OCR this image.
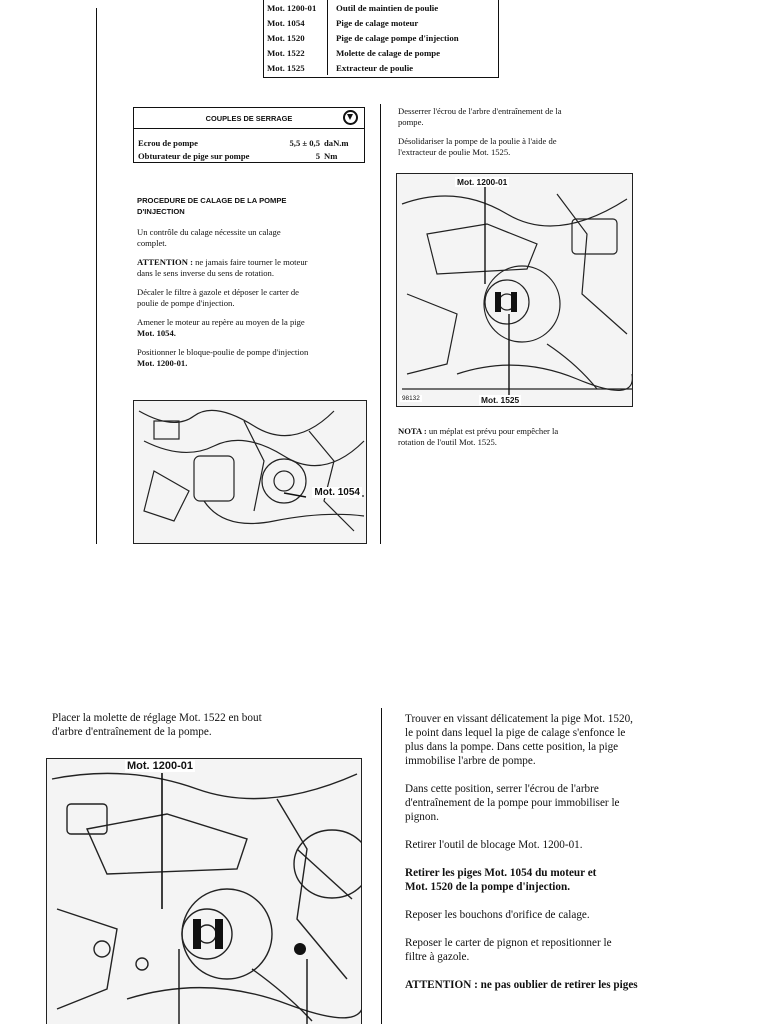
Mot. 1200-01	Outil de maintien de poulie
Mot. 1054	Pige de calage moteur
Mot. 1520	Pige de calage pompe d'injection
Mot. 1522	Molette de calage de pompe
Mot. 1525	Extracteur de poulie
COUPLES DE SERRAGE
Ecrou de pompe	5,5 ± 0,5 daN.m
Obturateur de pige sur pompe	5 Nm

PROCEDURE DE CALAGE DE LA POMPE
D'INJECTION

Un contrôle du calage nécessite un calage
complet.

ATTENTION : ne jamais faire tourner le moteur
dans le sens inverse du sens de rotation.

Décaler le filtre à gazole et déposer le carter de
poulie de pompe d'injection.

Amener le moteur au repère au moyen de la pige
Mot. 1054.

Positionner le bloque-poulie de pompe d'injection
Mot. 1200-01.

Mot. 1054

Desserrer l'écrou de l'arbre d'entraînement de la
pompe.

Désolidariser la pompe de la poulie à l'aide de
l'extracteur de poulie Mot. 1525.

Mot. 1200-01
Mot. 1525
98132

NOTA : un méplat est prévu pour empêcher la
rotation de l'outil Mot. 1525.

Placer la molette de réglage Mot. 1522 en bout
d'arbre d'entraînement de la pompe.

Mot. 1200-01

Trouver en vissant délicatement la pige Mot. 1520,
le point dans lequel la pige de calage s'enfonce le
plus dans la pompe. Dans cette position, la pige
immobilise l'arbre de pompe.

Dans cette position, serrer l'écrou de l'arbre
d'entraînement de la pompe pour immobiliser le
pignon.

Retirer l'outil de blocage Mot. 1200-01.

Retirer les piges Mot. 1054 du moteur et
Mot. 1520 de la pompe d'injection.

Reposer les bouchons d'orifice de calage.

Reposer le carter de pignon et repositionner le
filtre à gazole.

ATTENTION : ne pas oublier de retirer les piges
